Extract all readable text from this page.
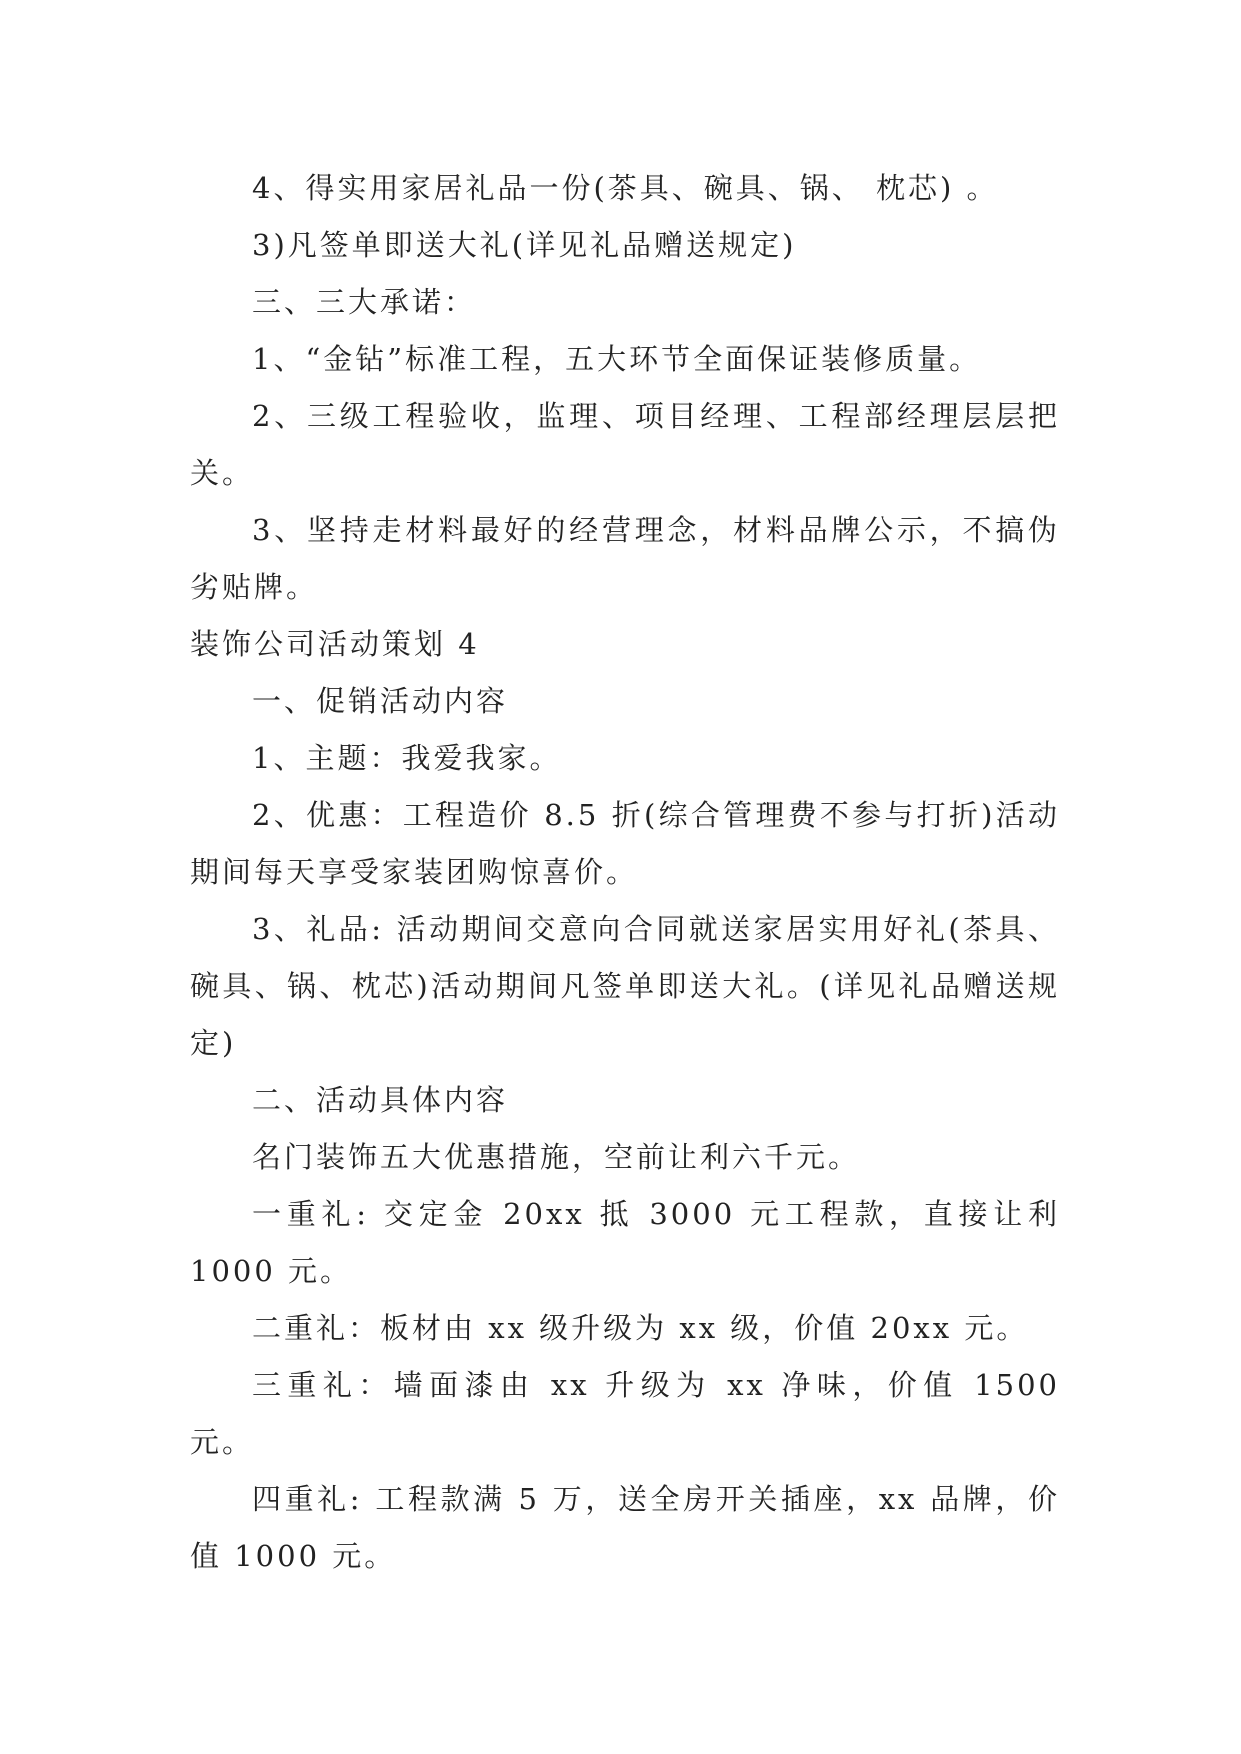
4、得实用家居礼品一份(茶具、碗具、锅、 枕芯) 。

3)凡签单即送大礼(详见礼品赠送规定)

三、三大承诺：

1、“金钻”标准工程，五大环节全面保证装修质量。

2、三级工程验收，监理、项目经理、工程部经理层层把关。

3、坚持走材料最好的经营理念，材料品牌公示，不搞伪劣贴牌。

装饰公司活动策划 4

一、促销活动内容

1、主题：我爱我家。

2、优惠：工程造价 8.5 折(综合管理费不参与打折)活动期间每天享受家装团购惊喜价。

3、礼品: 活动期间交意向合同就送家居实用好礼(茶具、碗具、锅、枕芯)活动期间凡签单即送大礼。(详见礼品赠送规定)

二、活动具体内容

名门装饰五大优惠措施，空前让利六千元。

一重礼: 交定金 20xx 抵 3000 元工程款，直接让利 1000 元。

二重礼：板材由 xx 级升级为 xx 级，价值 20xx 元。

三重礼：墙面漆由 xx 升级为 xx 净味，价值 1500 元。

四重礼: 工程款满 5 万，送全房开关插座，xx 品牌，价值 1000 元。
